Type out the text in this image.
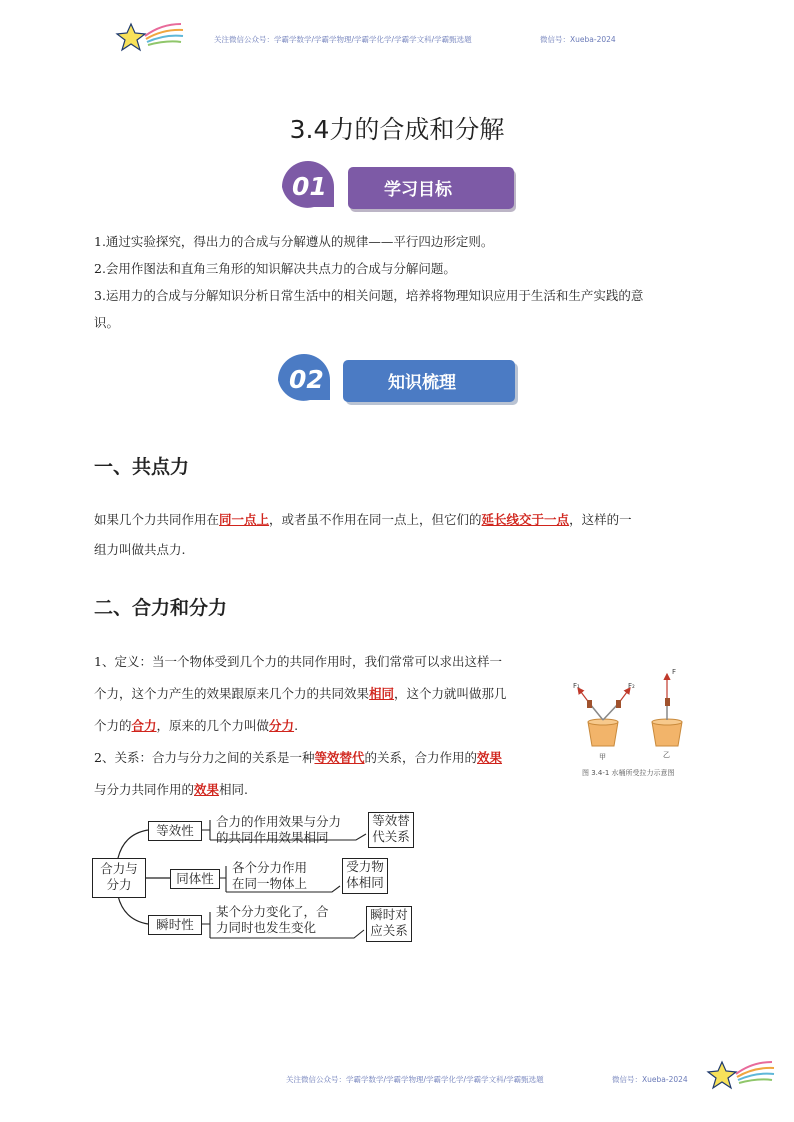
关注微信公众号：学霸学数学/学霸学物理/学霸学化学/学霸学文科/学霸甄选题	微信号：Xueba-2024
3.4力的合成和分解
01	学习目标
1.通过实验探究，得出力的合成与分解遵从的规律——平行四边形定则。
2.会用作图法和直角三角形的知识解决共点力的合成与分解问题。
3.运用力的合成与分解知识分析日常生活中的相关问题，培养将物理知识应用于生活和生产实践的意
识。
02	知识梳理
一、共点力
如果几个力共同作用在同一点上，或者虽不作用在同一点上，但它们的延长线交于一点，这样的一
组力叫做共点力.
二、合力和分力
1、定义：当一个物体受到几个力的共同作用时，我们常常可以求出这样一
个力，这个力产生的效果跟原来几个力的共同效果相同，这个力就叫做那几
个力的合力，原来的几个力叫做分力.
2、关系：合力与分力之间的关系是一种等效替代的关系，合力作用的效果
与分力共同作用的效果相同.
F₁	F₂
F
甲	乙
图 3.4-1 水桶所受拉力示意图
合力与
分力
等效性
合力的作用效果与分力
的共同作用效果相同
等效替
代关系
同体性
各个分力作用
在同一物体上
受力物
体相同
瞬时性
某个分力变化了，合
力同时也发生变化
瞬时对
应关系
关注微信公众号：学霸学数学/学霸学物理/学霸学化学/学霸学文科/学霸甄选题	微信号：Xueba-2024
